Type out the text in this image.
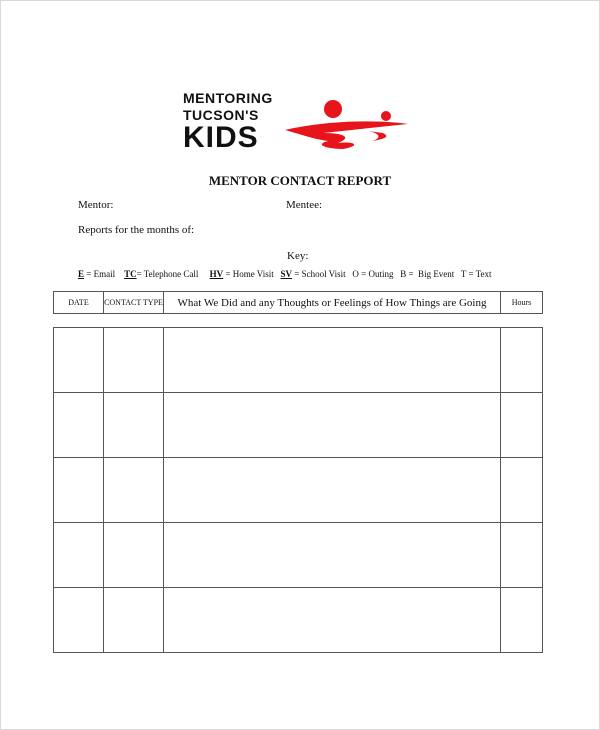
MENTORING
TUCSON'S
KIDS
MENTOR CONTACT REPORT
Mentor:	Mentee:
Reports for the months of:
Key:
E = Email TC= Telephone Call HV = Home Visit SV = School Visit O = Outing   B =  Big Event   T = Text
DATE	CONTACT TYPE	What We Did and any Thoughts or Feelings of How Things are Going	Hours
